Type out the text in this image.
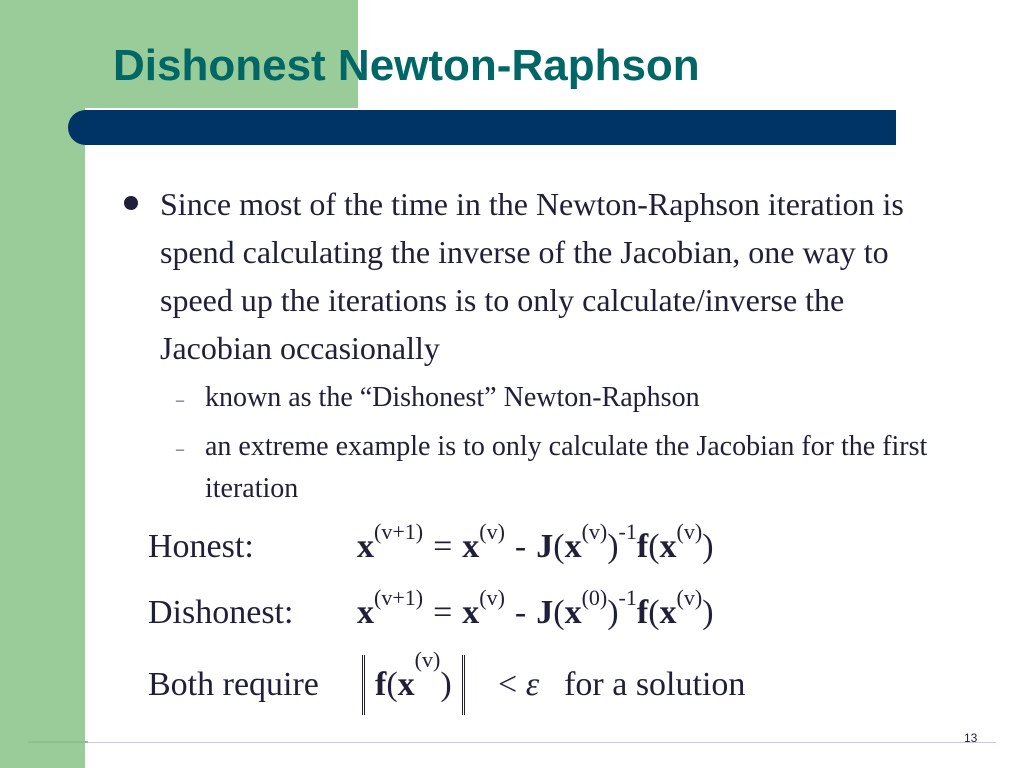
Dishonest Newton-Raphson

Since most of the time in the Newton-Raphson iteration is spend calculating the inverse of the Jacobian, one way to speed up the iterations is to only calculate/inverse the Jacobian occasionally

– known as the “Dishonest” Newton-Raphson

– an extreme example is to only calculate the Jacobian for the first iteration

Honest:	$x^{(v+1)} = x^{(v)} - J(x^{(v)})^{-1}f(x^{(v)})$
Dishonest: $x^{(v+1)} = x^{(v)} - J(x^{(0)})^{-1}f(x^{(v)})$
Both require	$f(x^{(v)})$	< ε for a solution
13
